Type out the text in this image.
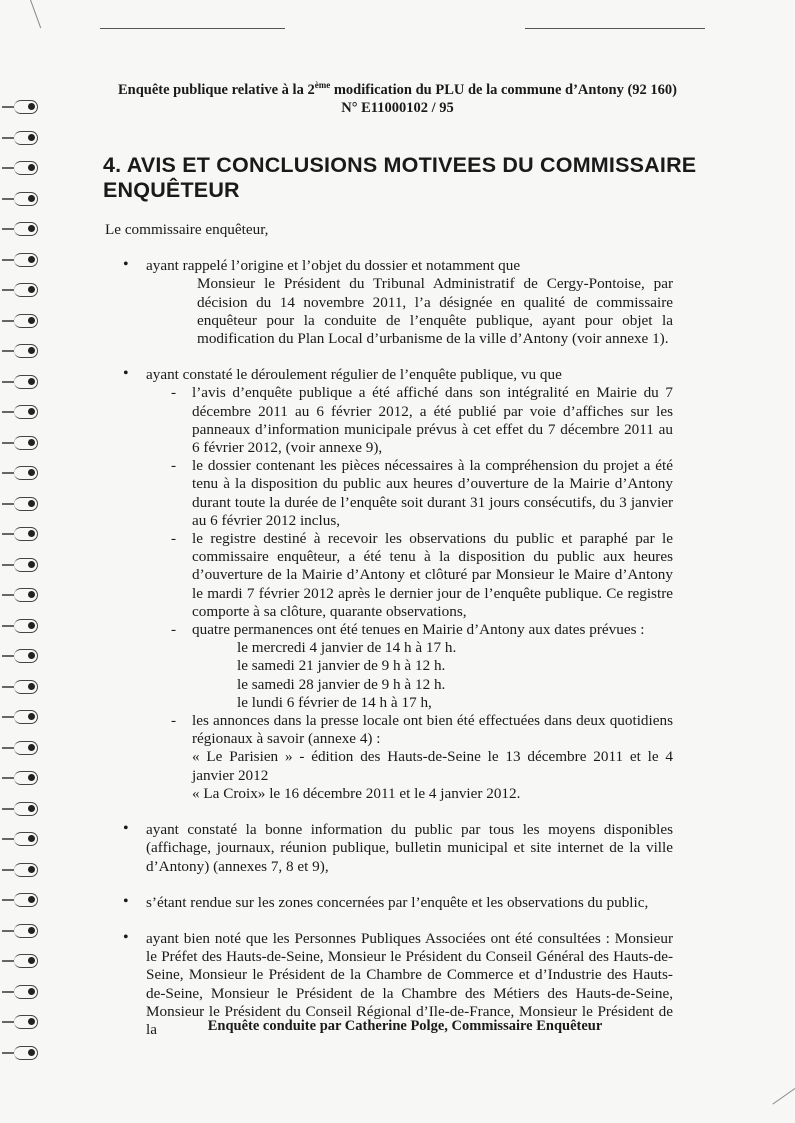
Enquête publique relative à la 2ème modification du PLU de la commune d’Antony (92 160)
N° E11000102 / 95
4. AVIS ET CONCLUSIONS MOTIVEES DU COMMISSAIRE ENQUÊTEUR

Le commissaire enquêteur,

• ayant rappelé l’origine et l’objet du dossier et notamment que
Monsieur le Président du Tribunal Administratif de Cergy-Pontoise, par décision du 14 novembre 2011, l’a désignée en qualité de commissaire enquêteur pour la conduite de l’enquête publique, ayant pour objet la modification du Plan Local d’urbanisme de la ville d’Antony (voir annexe 1).
• ayant constaté le déroulement régulier de l’enquête publique, vu que
- l’avis d’enquête publique a été affiché dans son intégralité en Mairie du 7 décembre 2011 au 6 février 2012, a été publié par voie d’affiches sur les panneaux d’information municipale prévus à cet effet du 7 décembre 2011 au 6 février 2012, (voir annexe 9),
- le dossier contenant les pièces nécessaires à la compréhension du projet a été tenu à la disposition du public aux heures d’ouverture de la Mairie d’Antony durant toute la durée de l’enquête soit durant 31 jours consécutifs, du 3 janvier au 6 février 2012 inclus,
- le registre destiné à recevoir les observations du public et paraphé par le commissaire enquêteur, a été tenu à la disposition du public aux heures d’ouverture de la Mairie d’Antony et clôturé par Monsieur le Maire d’Antony le mardi 7 février 2012 après le dernier jour de l’enquête publique. Ce registre comporte à sa clôture, quarante observations,
- quatre permanences ont été tenues en Mairie d’Antony aux dates prévues :
le mercredi 4 janvier de 14 h à 17 h.
le samedi 21 janvier de 9 h à 12 h.
le samedi 28 janvier de 9 h à 12 h.
le lundi 6 février de 14 h à 17 h,
- les annonces dans la presse locale ont bien été effectuées dans deux quotidiens régionaux à savoir (annexe 4) :
« Le Parisien » - édition des Hauts-de-Seine le 13 décembre 2011 et le 4 janvier 2012
« La Croix» le 16 décembre 2011 et le 4 janvier 2012.
• ayant constaté la bonne information du public par tous les moyens disponibles (affichage, journaux, réunion publique, bulletin municipal et site internet de la ville d’Antony) (annexes 7, 8 et 9),
• s’étant rendue sur les zones concernées par l’enquête et les observations du public,
• ayant bien noté que les Personnes Publiques Associées ont été consultées : Monsieur le Préfet des Hauts-de-Seine, Monsieur le Président du Conseil Général des Hauts-de-Seine, Monsieur le Président de la Chambre de Commerce et d’Industrie des Hauts-de-Seine, Monsieur le Président de la Chambre des Métiers des Hauts-de-Seine, Monsieur le Président du Conseil Régional d’Ile-de-France, Monsieur le Président de la	Enquête conduite par Catherine Polge, Commissaire Enquêteur
